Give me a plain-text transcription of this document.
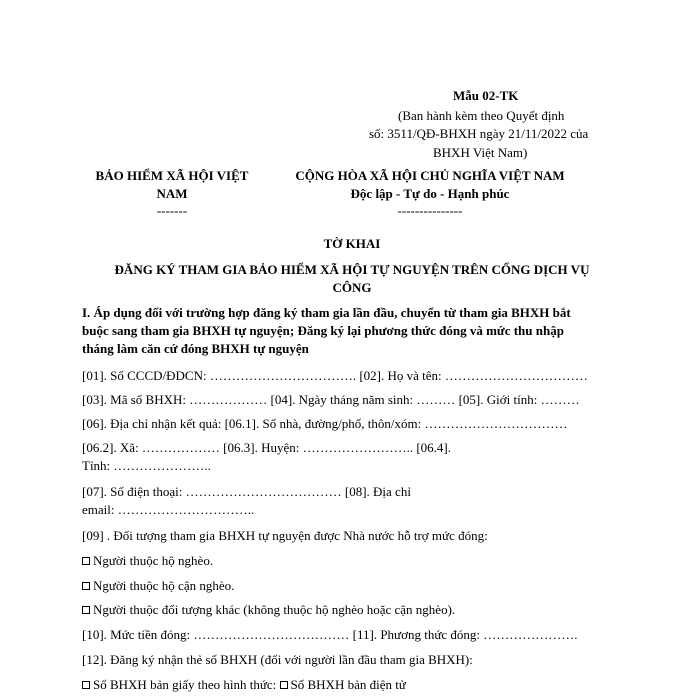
Mẫu 02-TK
(Ban hành kèm theo Quyết định
số: 3511/QĐ-BHXH ngày 21/11/2022 của
BHXH Việt Nam)
BẢO HIỂM XÃ HỘI VIỆT
NAM
-------
CỘNG HÒA XÃ HỘI CHỦ NGHĨA VIỆT NAM
Độc lập - Tự do - Hạnh phúc
---------------
TỜ KHAI
ĐĂNG KÝ THAM GIA BẢO HIỂM XÃ HỘI TỰ NGUYỆN TRÊN CỔNG DỊCH VỤ
CÔNG
I. Áp dụng đối với trường hợp đăng ký tham gia lần đầu, chuyển từ tham gia BHXH bắt
buộc sang tham gia BHXH tự nguyện; Đăng ký lại phương thức đóng và mức thu nhập
tháng làm căn cứ đóng BHXH tự nguyện
[01]. Số CCCD/ĐDCN: ……………………………. [02]. Họ và tên: ……………………………
[03]. Mã số BHXH: ……………… [04]. Ngày tháng năm sinh: ……… [05]. Giới tính: ………
[06]. Địa chỉ nhận kết quả: [06.1]. Số nhà, đường/phố, thôn/xóm: ……………………………
[06.2]. Xã: ……………… [06.3]. Huyện: …………………….. [06.4].
Tỉnh: …………………..
[07]. Số điện thoại: ……………………………… [08]. Địa chỉ
email: …………………………..
[09] . Đối tượng tham gia BHXH tự nguyện được Nhà nước hỗ trợ mức đóng:
Người thuộc hộ nghèo.
Người thuộc hộ cận nghèo.
Người thuộc đối tượng khác (không thuộc hộ nghèo hoặc cận nghèo).
[10]. Mức tiền đóng: ……………………………… [11]. Phương thức đóng: ………………….
[12]. Đăng ký nhận thẻ số BHXH (đối với người lần đầu tham gia BHXH):
Số BHXH bản giấy theo hình thức: Số BHXH bản điện tử
